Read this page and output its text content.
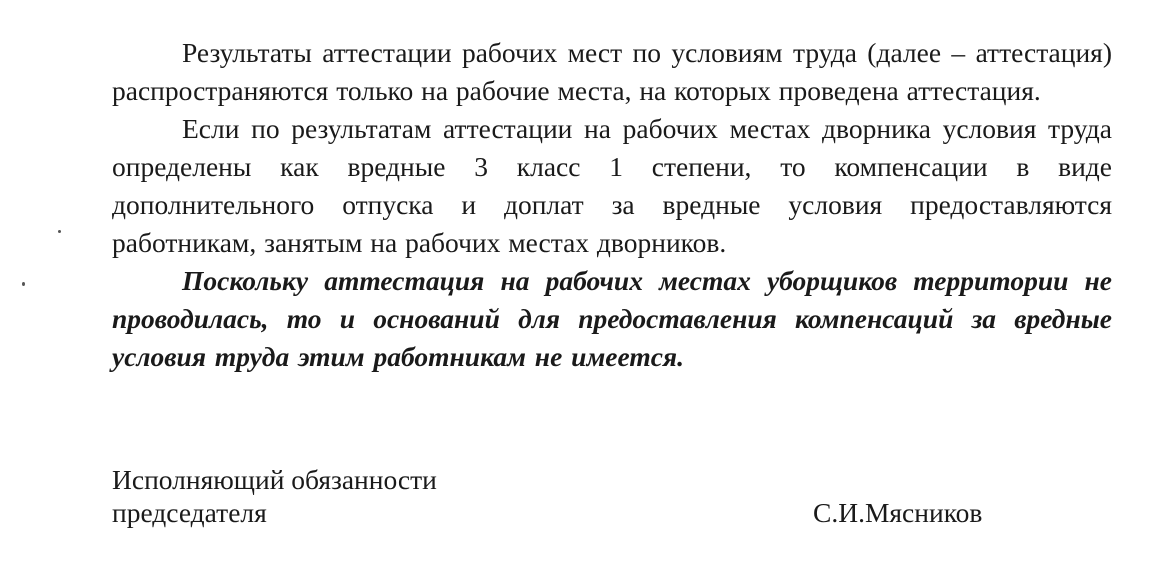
Результаты аттестации рабочих мест по условиям труда (далее – аттестация) распространяются только на рабочие места, на которых проведена аттестация.

Если по результатам аттестации на рабочих местах дворника условия труда определены как вредные 3 класс 1 степени, то компенсации в виде дополнительного отпуска и доплат за вредные условия предоставляются работникам, занятым на рабочих местах дворников.

Поскольку аттестация на рабочих местах уборщиков территории не проводилась, то и оснований для предоставления компенсаций за вредные условия труда этим работникам не имеется.

Исполняющий обязанности
председателя	С.И.Мясников
